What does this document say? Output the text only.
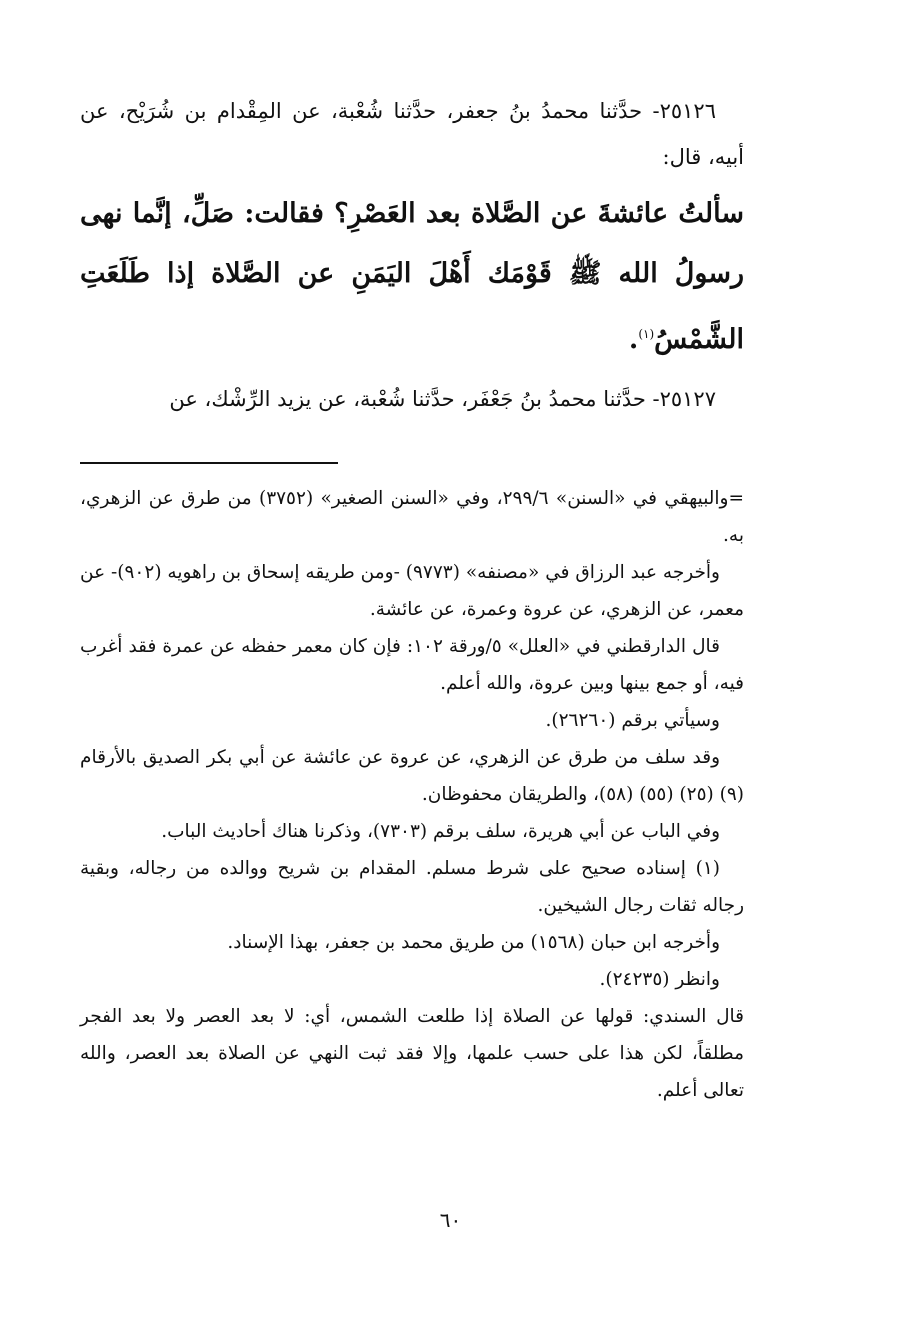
٢٥١٢٦- حدَّثنا محمدُ بنُ جعفر، حدَّثنا شُعْبة، عن المِقْدام بن شُرَيْح، عن أبيه، قال:

سألتُ عائشةَ عن الصَّلاة بعد العَصْرِ؟ فقالت: صَلِّ، إنَّما نهى رسولُ الله ﷺ قَوْمَك أَهْلَ اليَمَنِ عن الصَّلاة إذا طَلَعَتِ الشَّمْسُ$^{(١)}$.

٢٥١٢٧- حدَّثنا محمدُ بنُ جَعْفَر، حدَّثنا شُعْبة، عن يزيد الرِّشْك، عن

=والبيهقي في «السنن» ٢٩٩/٦، وفي «السنن الصغير» (٣٧٥٢) من طرق عن الزهري، به.

وأخرجه عبد الرزاق في «مصنفه» (٩٧٧٣) -ومن طريقه إسحاق بن راهويه (٩٠٢)- عن معمر، عن الزهري، عن عروة وعمرة، عن عائشة.

قال الدارقطني في «العلل» ٥/ورقة ١٠٢: فإن كان معمر حفظه عن عمرة فقد أغرب فيه، أو جمع بينها وبين عروة، والله أعلم.

وسيأتي برقم (٢٦٢٦٠).

وقد سلف من طرق عن الزهري، عن عروة عن عائشة عن أبي بكر الصديق بالأرقام (٩) (٢٥) (٥٥) (٥٨)، والطريقان محفوظان.

وفي الباب عن أبي هريرة، سلف برقم (٧٣٠٣)، وذكرنا هناك أحاديث الباب.

(١) إسناده صحيح على شرط مسلم. المقدام بن شريح ووالده من رجاله، وبقية رجاله ثقات رجال الشيخين.

وأخرجه ابن حبان (١٥٦٨) من طريق محمد بن جعفر، بهذا الإسناد.

وانظر (٢٤٢٣٥).

قال السندي: قولها عن الصلاة إذا طلعت الشمس، أي: لا بعد العصر ولا بعد الفجر مطلقاً، لكن هذا على حسب علمها، وإلا فقد ثبت النهي عن الصلاة بعد العصر، والله تعالى أعلم.

٦٠
